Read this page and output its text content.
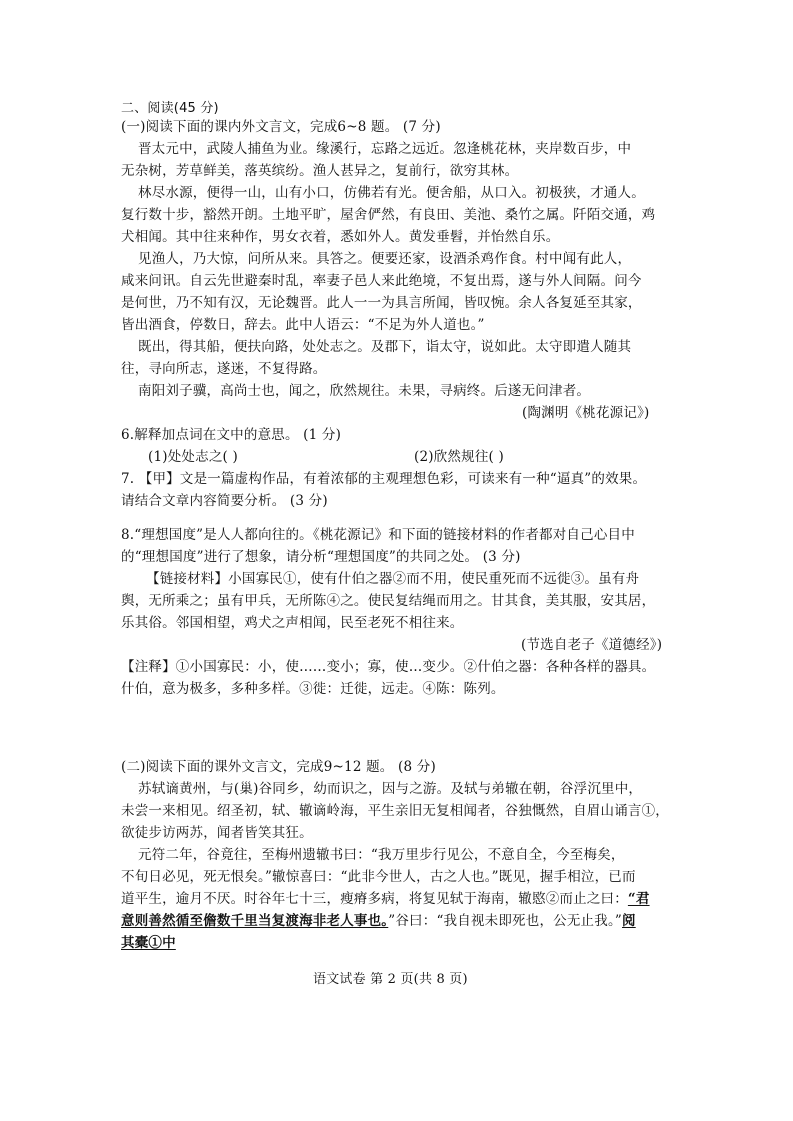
二、阅读(45 分)
(一)阅读下面的课内外文言文，完成6~8 题。 (7 分)
晋太元中，武陵人捕鱼为业。缘溪行，忘路之远近。忽逢桃花林，夹岸数百步，中
无杂树，芳草鲜美，落英缤纷。渔人甚异之，复前行，欲穷其林。
林尽水源，便得一山，山有小口，仿佛若有光。便舍船，从口入。初极狭，才通人。
复行数十步，豁然开朗。土地平旷，屋舍俨然，有良田、美池、桑竹之属。阡陌交通，鸡
犬相闻。其中往来种作，男女衣着，悉如外人。黄发垂髫，并怡然自乐。
见渔人，乃大惊，问所从来。具答之。便要还家，设酒杀鸡作食。村中闻有此人，
咸来问讯。自云先世避秦时乱，率妻子邑人来此绝境，不复出焉，遂与外人间隔。问今
是何世，乃不知有汉，无论魏晋。此人一一为具言所闻，皆叹惋。余人各复延至其家，
皆出酒食，停数日，辞去。此中人语云：“不足为外人道也。”
既出，得其船，便扶向路，处处志之。及郡下，诣太守，说如此。太守即遣人随其
往，寻向所志，遂迷，不复得路。
南阳刘子骥，高尚士也，闻之，欣然规往。未果，寻病终。后遂无问津者。
(陶渊明《桃花源记》)
6.解释加点词在文中的意思。 (1 分)
(1)处处志之( )	(2)欣然规往( )
7. 【甲】文是一篇虚构作品，有着浓郁的主观理想色彩，可读来有一种“逼真”的效果。
请结合文章内容简要分析。 (3 分)
8.“理想国度”是人人都向往的。《桃花源记》和下面的链接材料的作者都对自己心目中
的“理想国度”进行了想象，请分析“理想国度”的共同之处。 (3 分)
【链接材料】小国寡民①，使有什伯之器②而不用，使民重死而不远徙③。虽有舟
舆，无所乘之；虽有甲兵，无所陈④之。使民复结绳而用之。甘其食，美其服，安其居，
乐其俗。邻国相望，鸡犬之声相闻，民至老死不相往来。
(节选自老子《道德经》)
【注释】①小国寡民：小，使……变小；寡，使…变少。②什伯之器：各种各样的器具。
什伯，意为极多，多种多样。③徙：迁徙，远走。④陈：陈列。
(二)阅读下面的课外文言文，完成9~12 题。 (8 分)
苏轼谪黄州，与(巢)谷同乡，幼而识之，因与之游。及轼与弟辙在朝，谷浮沉里中，
未尝一来相见。绍圣初，轼、辙谪岭海，平生亲旧无复相闻者，谷独慨然，自眉山诵言①，
欲徒步访两苏，闻者皆笑其狂。
元符二年，谷竟往，至梅州遗辙书曰：“我万里步行见公，不意自全，今至梅矣，
不旬日必见，死无恨矣。”辙惊喜曰：“此非今世人，古之人也。”既见，握手相泣，已而
道平生，逾月不厌。时谷年七十三，瘦瘠多病，将复见轼于海南，辙愍②而止之曰：“君
意则善然循至儋数千里当复渡海非老人事也。”谷曰：“我自视未即死也，公无止我。”阅
其橐①中
语文试卷 第 2 页(共 8 页)
